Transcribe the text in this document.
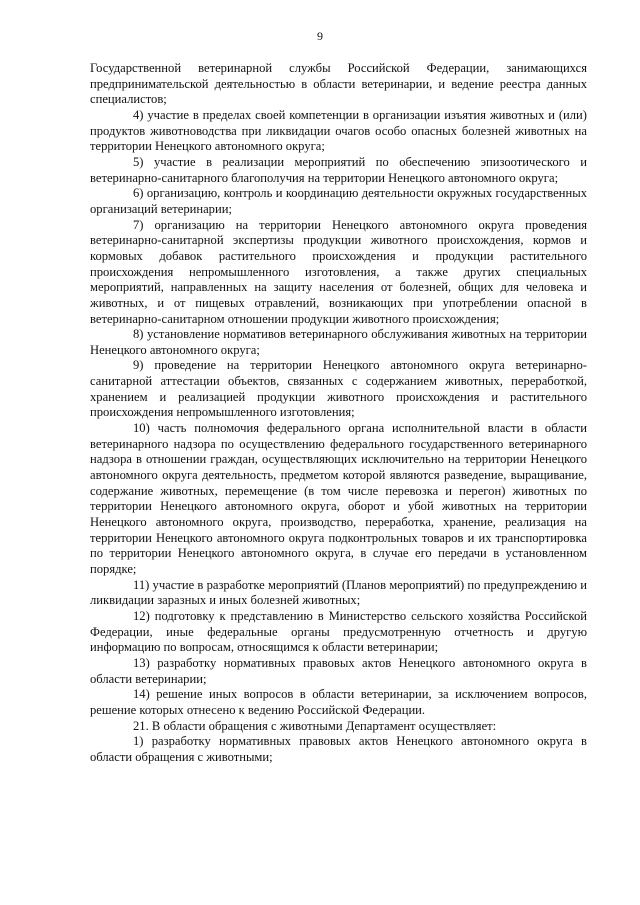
9

Государственной ветеринарной службы Российской Федерации, занимающихся предпринимательской деятельностью в области ветеринарии, и ведение реестра данных специалистов;

4) участие в пределах своей компетенции в организации изъятия животных и (или) продуктов животноводства при ликвидации очагов особо опасных болезней животных на территории Ненецкого автономного округа;

5) участие в реализации мероприятий по обеспечению эпизоотического и ветеринарно-санитарного благополучия на территории Ненецкого автономного округа;

6) организацию, контроль и координацию деятельности окружных государственных организаций ветеринарии;

7) организацию на территории Ненецкого автономного округа проведения ветеринарно-санитарной экспертизы продукции животного происхождения, кормов и кормовых добавок растительного происхождения и продукции растительного происхождения непромышленного изготовления, а также других специальных мероприятий, направленных на защиту населения от болезней, общих для человека и животных, и от пищевых отравлений, возникающих при употреблении опасной в ветеринарно-санитарном отношении продукции животного происхождения;

8) установление нормативов ветеринарного обслуживания животных на территории Ненецкого автономного округа;

9) проведение на территории Ненецкого автономного округа ветеринарно-санитарной аттестации объектов, связанных с содержанием животных, переработкой, хранением и реализацией продукции животного происхождения и растительного происхождения непромышленного изготовления;

10) часть полномочия федерального органа исполнительной власти в области ветеринарного надзора по осуществлению федерального государственного ветеринарного надзора в отношении граждан, осуществляющих исключительно на территории Ненецкого автономного округа деятельность, предметом которой являются разведение, выращивание, содержание животных, перемещение (в том числе перевозка и перегон) животных по территории Ненецкого автономного округа, оборот и убой животных на территории Ненецкого автономного округа, производство, переработка, хранение, реализация на территории Ненецкого автономного округа подконтрольных товаров и их транспортировка по территории Ненецкого автономного округа, в случае его передачи в установленном порядке;

11) участие в разработке мероприятий (Планов мероприятий) по предупреждению и ликвидации заразных и иных болезней животных;

12) подготовку к представлению в Министерство сельского хозяйства Российской Федерации, иные федеральные органы предусмотренную отчетность и другую информацию по вопросам, относящимся к области ветеринарии;

13) разработку нормативных правовых актов Ненецкого автономного округа в области ветеринарии;

14) решение иных вопросов в области ветеринарии, за исключением вопросов, решение которых отнесено к ведению Российской Федерации.

21. В области обращения с животными Департамент осуществляет:

1) разработку нормативных правовых актов Ненецкого автономного округа в области обращения с животными;
